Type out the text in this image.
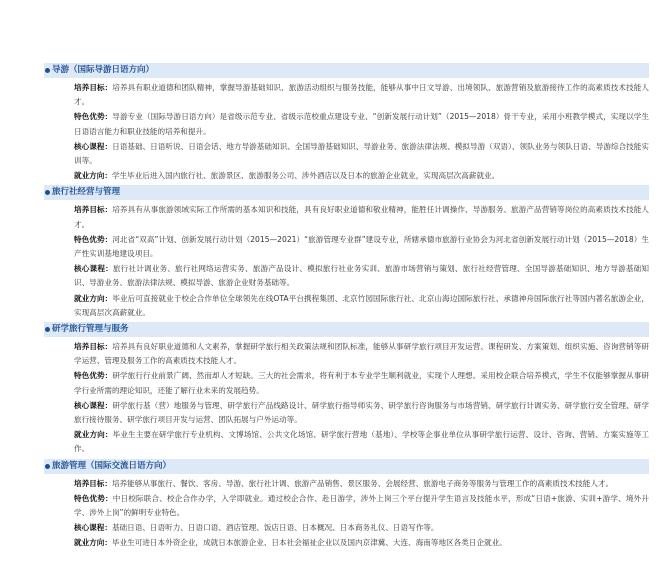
导游（国际导游日语方向）
培养目标：培养具有职业道德和团队精神，掌握导游基础知识、旅游活动组织与服务技能，能够从事中日文导游、出境领队、旅游营销及旅游接待工作的高素质技术技能人才。
特色优势：导游专业（国际导游日语方向）是省级示范专业、省级示范校重点建设专业、“创新发展行动计划”（2015—2018）骨干专业，采用小班教学模式，实现以学生日语语言能力和职业技能的培养和提升。
核心课程：日语基础、日语听说、日语会话、地方导游基础知识、全国导游基础知识、导游业务、旅游法律法规、模拟导游（双语）、领队业务与领队日语、导游综合技能实训等。
就业方向：学生毕业后进入国内旅行社、旅游景区、旅游服务公司、涉外酒店以及日本的旅游企业就业，实现高层次高薪就业。
旅行社经营与管理
培养目标：培养具有从事旅游领域实际工作所需的基本知识和技能，具有良好职业道德和敬业精神，能胜任计调操作、导游服务、旅游产品营销等岗位的高素质技术技能人才。
特色优势：河北省“双高”计划、创新发展行动计划（2015—2021）“旅游管理专业群”建设专业，所辖承德市旅游行业协会为河北省创新发展行动计划（2015—2018）生产性实训基地建设项目。
核心课程：旅行社计调业务、旅行社网络运营实务、旅游产品设计、模拟旅行社业务实训、旅游市场营销与策划、旅行社经营管理、全国导游基础知识、地方导游基础知识、导游业务、旅游法律法规、模拟导游、旅游企业财务基础等。
就业方向：毕业后可直接就业于校企合作单位全球领先在线OTA平台携程集团、北京竹园国际旅行社、北京山海边国际旅行社、承德神舟国际旅行社等国内著名旅游企业，实现高层次高薪就业。
研学旅行管理与服务
培养目标：培养具有良好职业道德和人文素养，掌握研学旅行相关政策法规和团队标准，能够从事研学旅行项目开发运营、课程研发、方案策划、组织实施、咨询营销等研学运营、管理及服务工作的高素质技术技能人才。
特色优势：研学旅行行业前景广阔、然而却人才短缺。三大的社会需求，将有利于本专业学生顺利就业，实现个人理想。采用校企联合培养模式，学生不仅能够掌握从事研学行业所需的理论知识，还能了解行业未来的发展趋势。
核心课程：研学旅行基（营）地服务与管理、研学旅行产品线路设计、研学旅行指导师实务、研学旅行咨询服务与市场营销、研学旅行计调实务、研学旅行安全管理、研学旅行接待服务、研学旅行项目开发与运营、团队拓展与户外运动等。
就业方向：毕业生主要在研学旅行专业机构、文博场馆、公共文化场馆、研学旅行营地（基地）、学校等企事业单位从事研学旅行运营、设计、咨询、营销、方案实施等工作。
旅游管理（国际交流日语方向）
培养目标：培养能够从事旅行、餐饮、客房、导游、旅行社计调、旅游产品销售、景区服务、会展经营、旅游电子商务等服务与管理工作的高素质技术技能人才。
特色优势：中日校际联合、校企合作办学，入学即就业。通过校企合作、赴日游学，涉外上岗三个平台提升学生语言及技能水平，形成“日语+旅游、实训+游学、境外升学、涉外上岗”的鲜明专业特色。
核心课程：基础日语、日语听力、日语口语、酒店管理、饭店日语、日本概况、日本商务礼仪、日语写作等。
就业方向：毕业生可进日本外资企业，成就日本旅游企业、日本社会福祉企业以及国内京津冀、大连、海南等地区各类日企就业。
